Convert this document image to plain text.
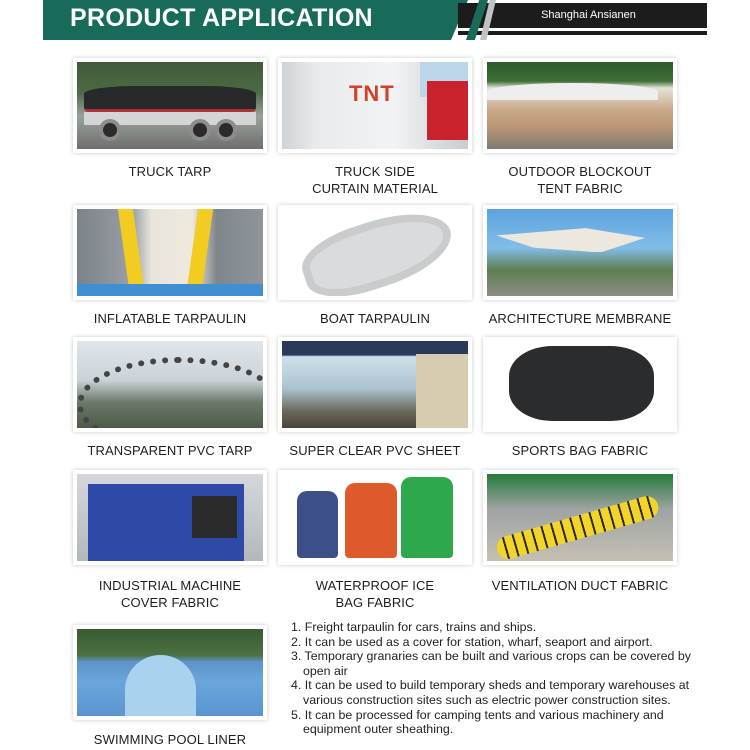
PRODUCT APPLICATION	Shanghai Ansianen
TRUCK TARP
TNT
TRUCK SIDE
CURTAIN MATERIAL
OUTDOOR BLOCKOUT
TENT FABRIC
INFLATABLE TARPAULIN	BOAT TARPAULIN	ARCHITECTURE MEMBRANE
TRANSPARENT PVC TARP	SUPER CLEAR PVC SHEET	SPORTS BAG FABRIC
INDUSTRIAL MACHINE
COVER FABRIC
WATERPROOF ICE
BAG FABRIC
VENTILATION DUCT FABRIC
SWIMMING POOL LINER
1. Freight tarpaulin for cars, trains and ships.
2. It can be used as a cover for station, wharf, seaport and airport.
3. Temporary granaries can be built and various crops can be covered by open air
4. It can be used to build temporary sheds and temporary warehouses at various construction sites such as electric power construction sites.
5. It can be processed for camping tents and various machinery and equipment outer sheathing.
